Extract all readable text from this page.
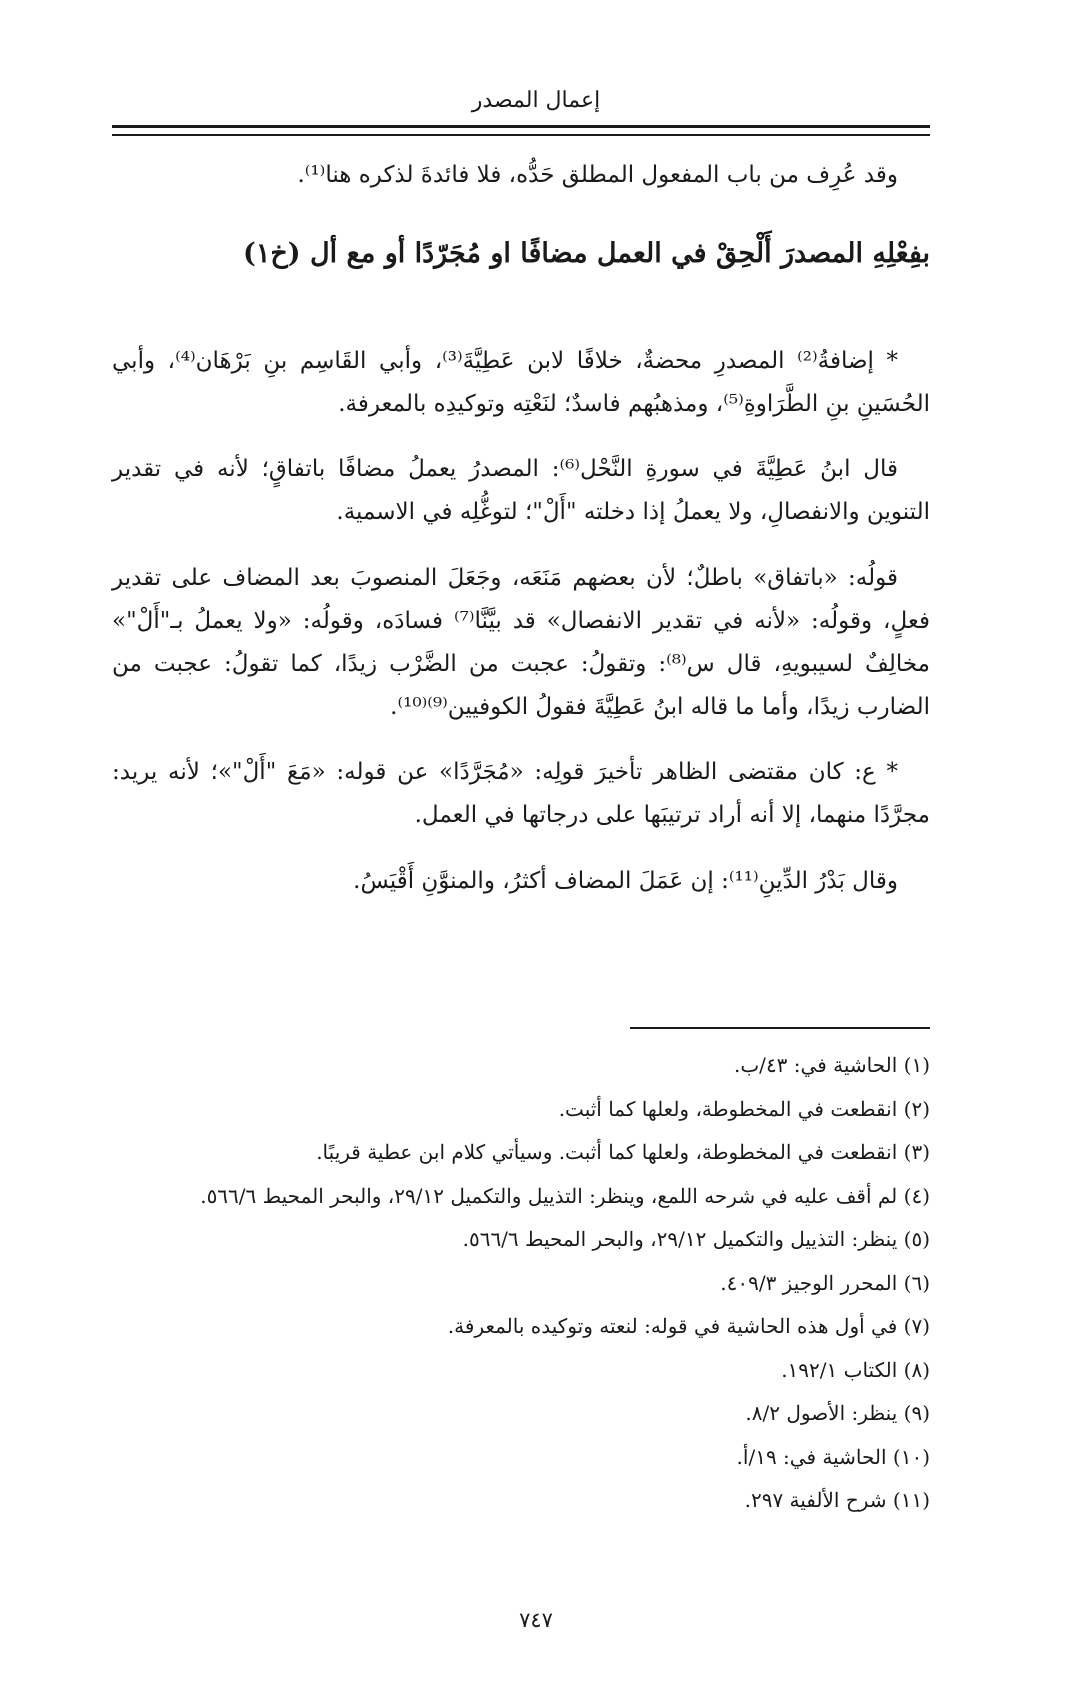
إعمال المصدر

وقد عُرِف من باب المفعول المطلق حَدُّه، فلا فائدةَ لذكره هنا⁽¹⁾.

بفِعْلِهِ المصدرَ أَلْحِقْ في العمل مضافًا او مُجَرّدًا أو مع أل (خ١)

* إضافةُ⁽²⁾ المصدرِ محضةٌ، خلافًا لابن عَطِيَّةَ⁽³⁾، وأبي القَاسِم بنِ بَرْهَان⁽⁴⁾، وأبي الحُسَينِ بنِ الطَّرَاوةِ⁽⁵⁾، ومذهبُهم فاسدٌ؛ لنَعْتِه وتوكيدِه بالمعرفة.

قال ابنُ عَطِيَّةَ في سورةِ النَّحْل⁽⁶⁾: المصدرُ يعملُ مضافًا باتفاقٍ؛ لأنه في تقدير التنوين والانفصالِ، ولا يعملُ إذا دخلته "أَلْ"؛ لتوغُّلِه في الاسمية.

قولُه: «باتفاق» باطلٌ؛ لأن بعضهم مَنَعَه، وجَعَلَ المنصوبَ بعد المضاف على تقدير فعلٍ، وقولُه: «لأنه في تقدير الانفصال» قد بيَّنَّا⁽⁷⁾ فسادَه، وقولُه: «ولا يعملُ بـ"أَلْ"» مخالِفٌ لسيبويهِ، قال س⁽⁸⁾: وتقولُ: عجبت من الضَّرْب زيدًا، كما تقولُ: عجبت من الضارب زيدًا، وأما ما قاله ابنُ عَطِيَّةَ فقولُ الكوفيين⁽⁹⁾⁽¹⁰⁾.

* ع: كان مقتضى الظاهر تأخيرَ قولِه: «مُجَرَّدًا» عن قوله: «مَعَ "أَلْ"»؛ لأنه يريد: مجرَّدًا منهما، إلا أنه أراد ترتيبَها على درجاتها في العمل.

وقال بَدْرُ الدِّينِ⁽¹¹⁾: إن عَمَلَ المضاف أكثرُ، والمنوَّنِ أَقْيَسُ.

(١) الحاشية في: ٤٣/ب.
(٢) انقطعت في المخطوطة، ولعلها كما أثبت.
(٣) انقطعت في المخطوطة، ولعلها كما أثبت. وسيأتي كلام ابن عطية قريبًا.
(٤) لم أقف عليه في شرحه اللمع، وينظر: التذييل والتكميل ٢٩/١٢، والبحر المحيط ٥٦٦/٦.
(٥) ينظر: التذييل والتكميل ٢٩/١٢، والبحر المحيط ٥٦٦/٦.
(٦) المحرر الوجيز ٤٠٩/٣.
(٧) في أول هذه الحاشية في قوله: لنعته وتوكيده بالمعرفة.
(٨) الكتاب ١٩٢/١.
(٩) ينظر: الأصول ٨/٢.
(١٠) الحاشية في: ١٩/أ.
(١١) شرح الألفية ٢٩٧.
٧٤٧
